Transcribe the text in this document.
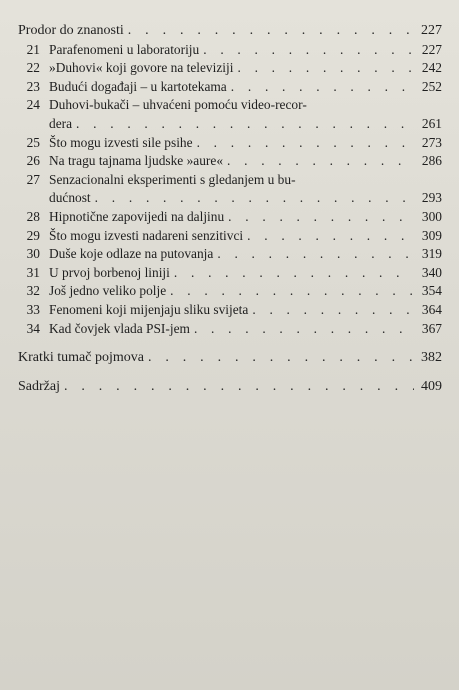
Prodor do znanosti . . .	227
21 Parafenomeni u laboratoriju . . .	227
22 »Duhovi« koji govore na televiziji . . .	242
23 Budući događaji – u kartotekama . . .	252
24 Duhovi-bukači – uhvaćeni pomoću video-recor-
dera . . .	261
25 Što mogu izvesti sile psihe . . .	273
26 Na tragu tajnama ljudske »aure« . . .	286
27 Senzacionalni eksperimenti s gledanjem u bu-
dućnost . . .	293
28 Hipnotične zapovijedi na daljinu . . .	300
29 Što mogu izvesti nadareni senzitivci . . .	309
30 Duše koje odlaze na putovanja . . .	319
31 U prvoj borbenoj liniji . . .	340
32 Još jedno veliko polje . . .	354
33 Fenomeni koji mijenjaju sliku svijeta . . .	364
34 Kad čovjek vlada PSI-jem . . .	367
Kratki tumač pojmova . . .	382
Sadržaj . . .	409
